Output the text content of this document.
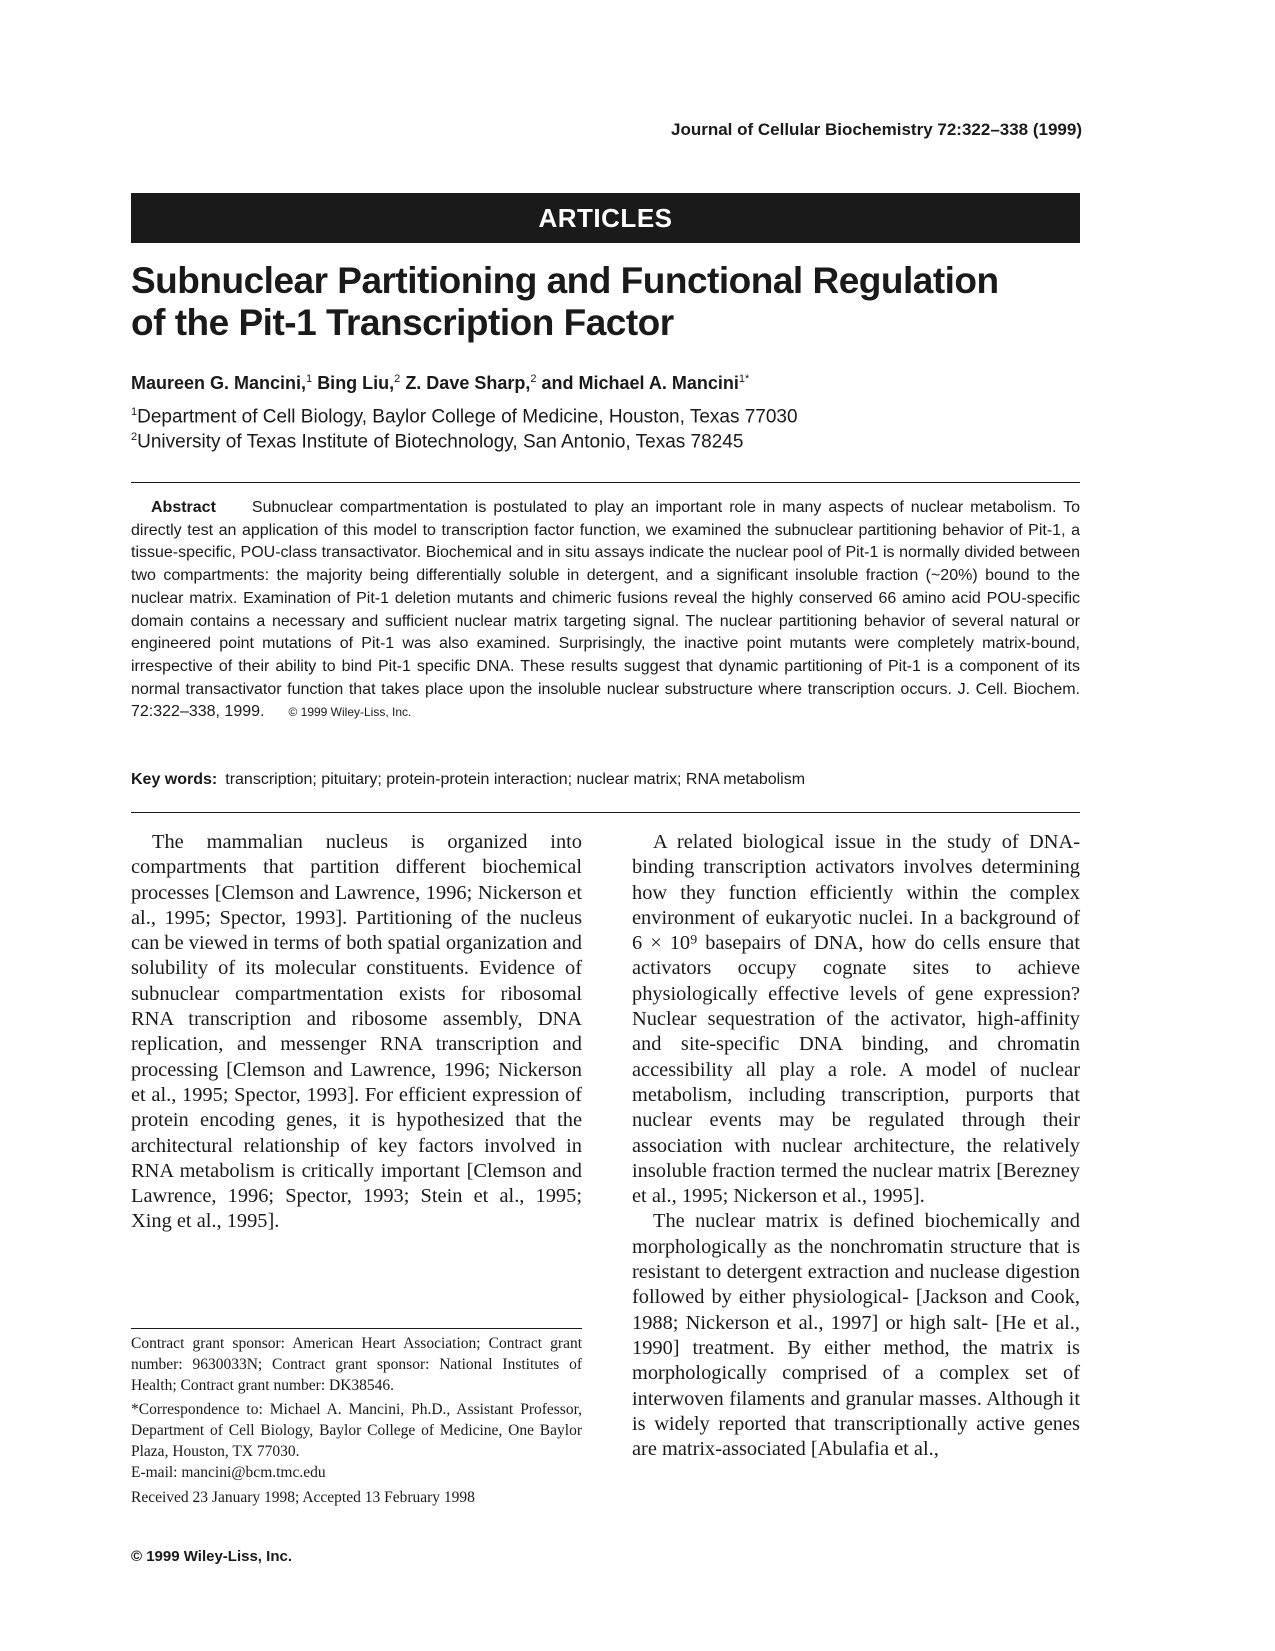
Journal of Cellular Biochemistry 72:322–338 (1999)
ARTICLES
Subnuclear Partitioning and Functional Regulation
of the Pit-1 Transcription Factor
Maureen G. Mancini,$^1$ Bing Liu,$^2$ Z. Dave Sharp,$^2$ and Michael A. Mancini$^{1*}$
$^1$Department of Cell Biology, Baylor College of Medicine, Houston, Texas 77030
$^2$University of Texas Institute of Biotechnology, San Antonio, Texas 78245
Abstract Subnuclear compartmentation is postulated to play an important role in many aspects of nuclear metabolism. To directly test an application of this model to transcription factor function, we examined the subnuclear partitioning behavior of Pit-1, a tissue-specific, POU-class transactivator. Biochemical and in situ assays indicate the nuclear pool of Pit-1 is normally divided between two compartments: the majority being differentially soluble in detergent, and a significant insoluble fraction (~20%) bound to the nuclear matrix. Examination of Pit-1 deletion mutants and chimeric fusions reveal the highly conserved 66 amino acid POU-specific domain contains a necessary and sufficient nuclear matrix targeting signal. The nuclear partitioning behavior of several natural or engineered point mutations of Pit-1 was also examined. Surprisingly, the inactive point mutants were completely matrix-bound, irrespective of their ability to bind Pit-1 specific DNA. These results suggest that dynamic partitioning of Pit-1 is a component of its normal transactivator function that takes place upon the insoluble nuclear substructure where transcription occurs. J. Cell. Biochem. 72:322–338, 1999. © 1999 Wiley-Liss, Inc.
Key words: transcription; pituitary; protein-protein interaction; nuclear matrix; RNA metabolism

The mammalian nucleus is organized into compartments that partition different biochemical processes [Clemson and Lawrence, 1996; Nickerson et al., 1995; Spector, 1993]. Partitioning of the nucleus can be viewed in terms of both spatial organization and solubility of its molecular constituents. Evidence of subnuclear compartmentation exists for ribosomal RNA transcription and ribosome assembly, DNA replication, and messenger RNA transcription and processing [Clemson and Lawrence, 1996; Nickerson et al., 1995; Spector, 1993]. For efficient expression of protein encoding genes, it is hypothesized that the architectural relationship of key factors involved in RNA metabolism is critically important [Clemson and Lawrence, 1996; Spector, 1993; Stein et al., 1995; Xing et al., 1995].

A related biological issue in the study of DNA-binding transcription activators involves determining how they function efficiently within the complex environment of eukaryotic nuclei. In a background of 6 × 10⁹ basepairs of DNA, how do cells ensure that activators occupy cognate sites to achieve physiologically effective levels of gene expression? Nuclear sequestration of the activator, high-affinity and site-specific DNA binding, and chromatin accessibility all play a role. A model of nuclear metabolism, including transcription, purports that nuclear events may be regulated through their association with nuclear architecture, the relatively insoluble fraction termed the nuclear matrix [Berezney et al., 1995; Nickerson et al., 1995].

The nuclear matrix is defined biochemically and morphologically as the nonchromatin structure that is resistant to detergent extraction and nuclease digestion followed by either physiological- [Jackson and Cook, 1988; Nickerson et al., 1997] or high salt- [He et al., 1990] treatment. By either method, the matrix is morphologically comprised of a complex set of interwoven filaments and granular masses. Although it is widely reported that transcriptionally active genes are matrix-associated [Abulafia et al.,

Contract grant sponsor: American Heart Association; Contract grant number: 9630033N; Contract grant sponsor: National Institutes of Health; Contract grant number: DK38546.

*Correspondence to: Michael A. Mancini, Ph.D., Assistant Professor, Department of Cell Biology, Baylor College of Medicine, One Baylor Plaza, Houston, TX 77030.

E-mail: mancini@bcm.tmc.edu

Received 23 January 1998; Accepted 13 February 1998

© 1999 Wiley-Liss, Inc.
